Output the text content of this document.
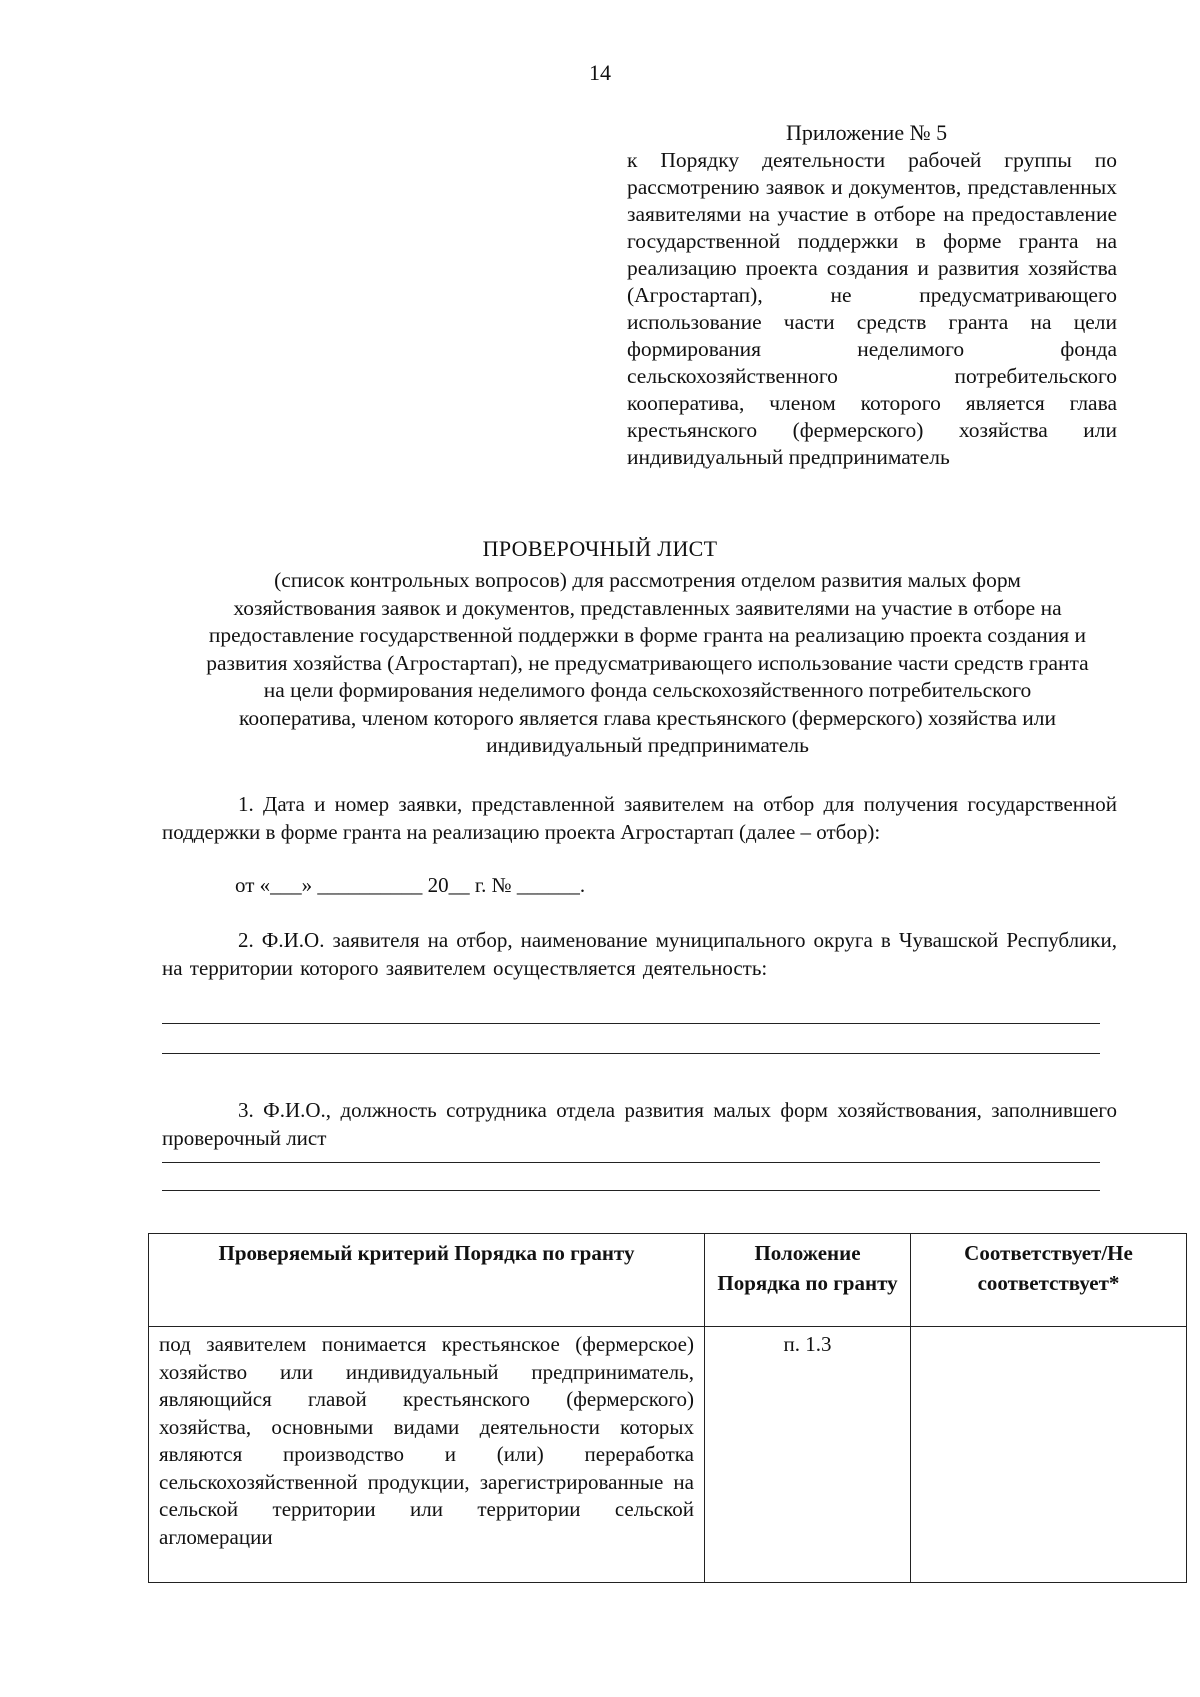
14
Приложение № 5
к Порядку деятельности рабочей группы по рассмотрению заявок и документов, представленных заявителями на участие в отборе на предоставление государственной поддержки в форме гранта на реализацию проекта создания и развития хозяйства (Агростартап), не предусматривающего использование части средств гранта на цели формирования неделимого фонда сельскохозяйственного потребительского кооператива, членом которого является глава крестьянского (фермерского) хозяйства или индивидуальный предприниматель
ПРОВЕРОЧНЫЙ ЛИСТ
(список контрольных вопросов) для рассмотрения отделом развития малых форм хозяйствования заявок и документов, представленных заявителями на участие в отборе на предоставление государственной поддержки в форме гранта на реализацию проекта создания и развития хозяйства (Агростартап), не предусматривающего использование части средств гранта на цели формирования неделимого фонда сельскохозяйственного потребительского кооператива, членом которого является глава крестьянского (фермерского) хозяйства или индивидуальный предприниматель
1. Дата и номер заявки, представленной заявителем на отбор для получения государственной поддержки в форме гранта на реализацию проекта Агростартап (далее – отбор):
от «___» __________ 20__ г. № ______.
2. Ф.И.О. заявителя на отбор, наименование муниципального округа в Чувашской Республики, на территории которого заявителем осуществляется деятельность:
3. Ф.И.О., должность сотрудника отдела развития малых форм хозяйствования, заполнившего проверочный лист
Проверяемый критерий Порядка по гранту	Положение Порядка по гранту	Соответствует/Не соответствует*
под заявителем понимается крестьянское (фермерское) хозяйство или индивидуальный предприниматель, являющийся главой крестьянского (фермерского) хозяйства, основными видами деятельности которых являются производство и (или) переработка сельскохозяйственной продукции, зарегистрированные на сельской территории или территории сельской агломерации	п. 1.3	
